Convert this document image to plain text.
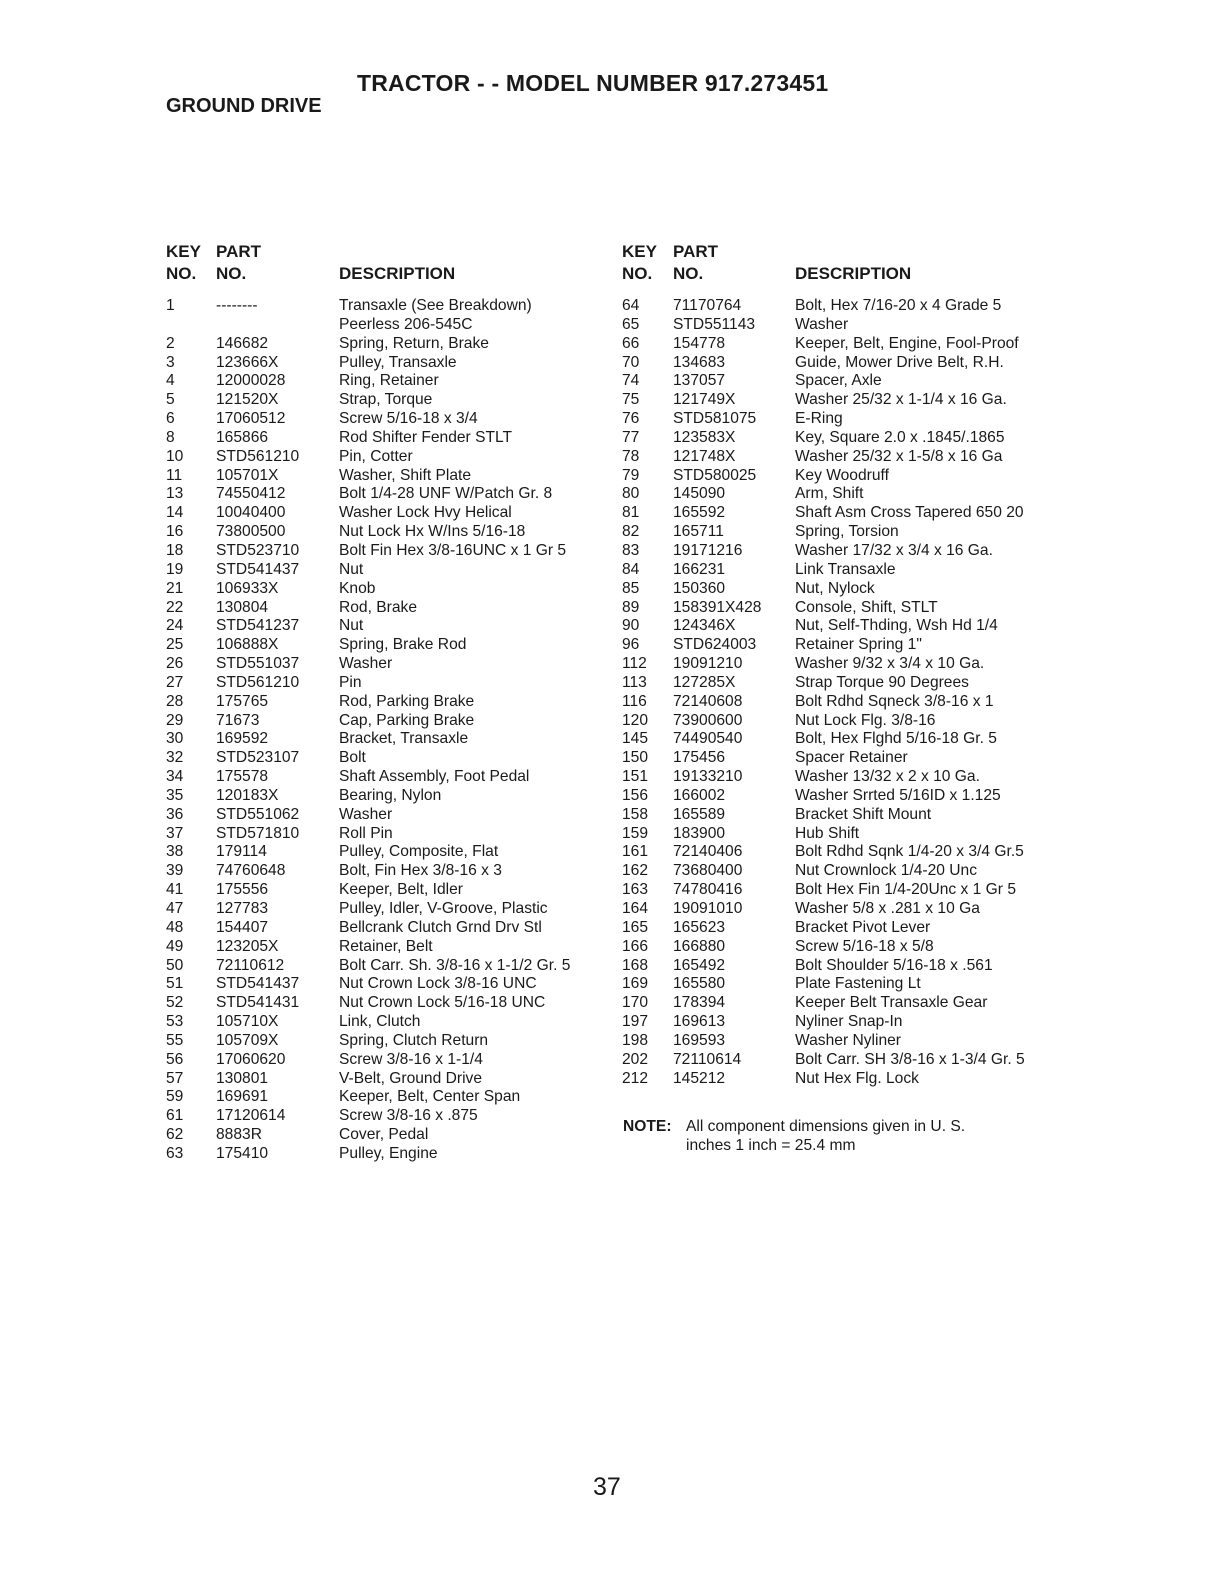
TRACTOR - - MODEL NUMBER 917.273451
GROUND DRIVE
KEY
NO.
PART
NO.	DESCRIPTION
KEY
NO.
PART
NO.	DESCRIPTION
1	--------	Transaxle (See Breakdown)
Peerless 206-545C
2	146682	Spring, Return, Brake
3	123666X	Pulley, Transaxle
4	12000028	Ring, Retainer
5	121520X	Strap, Torque
6	17060512	Screw 5/16-18 x 3/4
8	165866	Rod Shifter Fender STLT
10 STD561210	Pin, Cotter
11 105701X	Washer, Shift Plate
13 74550412	Bolt 1/4-28 UNF W/Patch Gr. 8
14 10040400	Washer Lock Hvy Helical
16 73800500	Nut Lock Hx W/Ins 5/16-18
18 STD523710	Bolt Fin Hex 3/8-16UNC x 1 Gr 5
19 STD541437	Nut
21 106933X	Knob
22 130804	Rod, Brake
24 STD541237	Nut
25 106888X	Spring, Brake Rod
26 STD551037	Washer
27 STD561210	Pin
28 175765	Rod, Parking Brake
29 71673	Cap, Parking Brake
30 169592	Bracket, Transaxle
32 STD523107	Bolt
34 175578	Shaft Assembly, Foot Pedal
35 120183X	Bearing, Nylon
36 STD551062	Washer
37 STD571810	Roll Pin
38 179114	Pulley, Composite, Flat
39 74760648	Bolt, Fin Hex 3/8-16 x 3
41 175556	Keeper, Belt, Idler
47 127783	Pulley, Idler, V-Groove, Plastic
48 154407	Bellcrank Clutch Grnd Drv Stl
49 123205X	Retainer, Belt
50 72110612	Bolt Carr. Sh. 3/8-16 x 1-1/2 Gr. 5
51 STD541437	Nut Crown Lock 3/8-16 UNC
52 STD541431	Nut Crown Lock 5/16-18 UNC
53 105710X	Link, Clutch
55 105709X	Spring, Clutch Return
56 17060620	Screw 3/8-16 x 1-1/4
57 130801	V-Belt, Ground Drive
59 169691	Keeper, Belt, Center Span
61 17120614	Screw 3/8-16 x .875
62 8883R	Cover, Pedal
63 175410	Pulley, Engine
64 71170764	Bolt, Hex 7/16-20 x 4 Grade 5
65 STD551143	Washer
66 154778	Keeper, Belt, Engine, Fool-Proof
70 134683	Guide, Mower Drive Belt, R.H.
74 137057	Spacer, Axle
75 121749X	Washer 25/32 x 1-1/4 x 16 Ga.
76 STD581075 E-Ring
77 123583X	Key, Square 2.0 x .1845/.1865
78 121748X	Washer 25/32 x 1-5/8 x 16 Ga
79 STD580025 Key Woodruff
80 145090	Arm, Shift
81 165592	Shaft Asm Cross Tapered 650 20
82 165711	Spring, Torsion
83 19171216	Washer 17/32 x 3/4 x 16 Ga.
84 166231	Link Transaxle
85 150360	Nut, Nylock
89 158391X428 Console, Shift, STLT
90 124346X	Nut, Self-Thding, Wsh Hd 1/4
96 STD624003 Retainer Spring 1"
112 19091210	Washer 9/32 x 3/4 x 10 Ga.
113 127285X	Strap Torque 90 Degrees
116 72140608	Bolt Rdhd Sqneck 3/8-16 x 1
120 73900600	Nut Lock Flg. 3/8-16
145 74490540	Bolt, Hex Flghd 5/16-18 Gr. 5
150 175456	Spacer Retainer
151 19133210	Washer 13/32 x 2 x 10 Ga.
156 166002	Washer Srrted 5/16ID x 1.125
158 165589	Bracket Shift Mount
159 183900	Hub Shift
161 72140406	Bolt Rdhd Sqnk 1/4-20 x 3/4 Gr.5
162 73680400	Nut Crownlock 1/4-20 Unc
163 74780416	Bolt Hex Fin 1/4-20Unc x 1 Gr 5
164 19091010	Washer 5/8 x .281 x 10 Ga
165 165623	Bracket Pivot Lever
166 166880	Screw 5/16-18 x 5/8
168 165492	Bolt Shoulder 5/16-18 x .561
169 165580	Plate Fastening Lt
170 178394	Keeper Belt Transaxle Gear
197 169613	Nyliner Snap-In
198 169593	Washer Nyliner
202 72110614	Bolt Carr. SH 3/8-16 x 1-3/4 Gr. 5
212 145212	Nut Hex Flg. Lock
NOTE: All component dimensions given in U. S.
inches 1 inch = 25.4 mm
37
